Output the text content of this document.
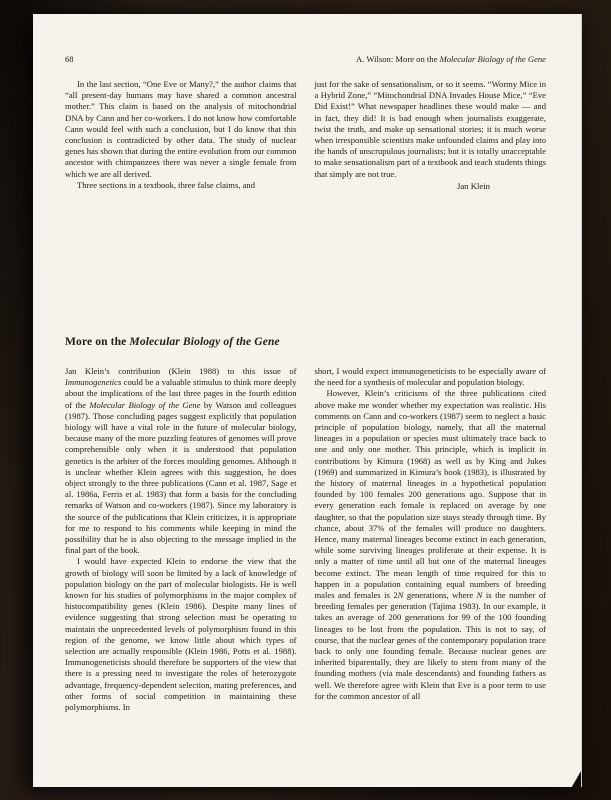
68	A. Wilson: More on the Molecular Biology of the Gene

In the last section, “One Eve or Many?,” the author claims that “all present-day humans may have shared a common ancestral mother.” This claim is based on the analysis of mitochondrial DNA by Cann and her co-workers. I do not know how comfortable Cann would feel with such a conclusion, but I do know that this conclusion is contradicted by other data. The study of nuclear genes has shown that during the entire evolution from our common ancestor with chimpanzees there was never a single female from which we are all derived.

Three sections in a textbook, three false claims, and

just for the sake of sensationalism, or so it seems. “Wormy Mice in a Hybrid Zone,” “Mitochondrial DNA Invades House Mice,” “Eve Did Exist!” What newspaper headlines these would make — and in fact, they did! It is bad enough when journalists exaggerate, twist the truth, and make up sensational stories; it is much worse when irresponsible scientists make unfounded claims and play into the hands of unscrupulous journalists; but it is totally unacceptable to make sensationalism part of a textbook and teach students things that simply are not true.

Jan Klein
More on the Molecular Biology of the Gene

Jan Klein’s contribution (Klein 1988) to this issue of Immunogenetics could be a valuable stimulus to think more deeply about the implications of the last three pages in the fourth edition of the Molecular Biology of the Gene by Watson and colleagues (1987). Those concluding pages suggest explicitly that population biology will have a vital role in the future of molecular biology, because many of the more puzzling features of genomes will prove comprehensible only when it is understood that population genetics is the arbiter of the forces moulding genomes. Although it is unclear whether Klein agrees with this suggestion, he does object strongly to the three publications (Cann et al. 1987, Sage et al. 1986a, Ferris et al. 1983) that form a basis for the concluding remarks of Watson and co-workers (1987). Since my laboratory is the source of the publications that Klein criticizes, it is appropriate for me to respond to his comments while keeping in mind the possibility that he is also objecting to the message implied in the final part of the book.

I would have expected Klein to endorse the view that the growth of biology will soon be limited by a lack of knowledge of population biology on the part of molecular biologists. He is well known for his studies of polymorphisms in the major complex of histocompatibility genes (Klein 1986). Despite many lines of evidence suggesting that strong selection must be operating to maintain the unprecedented levels of polymorphism found in this region of the genome, we know little about which types of selection are actually responsible (Klein 1986, Potts et al. 1988). Immunogeneticists should therefore be supporters of the view that there is a pressing need to investigate the roles of heterozygote advantage, frequency-dependent selection, mating preferences, and other forms of social competition in maintaining these polymorphisms. In

short, I would expect immunogeneticists to be especially aware of the need for a synthesis of molecular and population biology.

However, Klein’s criticisms of the three publications cited above make me wonder whether my expectation was realistic. His comments on Cann and co-workers (1987) seem to neglect a basic principle of population biology, namely, that all the maternal lineages in a population or species must ultimately trace back to one and only one mother. This principle, which is implicit in contributions by Kimura (1968) as well as by King and Jukes (1969) and summarized in Kimura’s book (1983), is illustrated by the history of maternal lineages in a hypothetical population founded by 100 females 200 generations ago. Suppose that in every generation each female is replaced on average by one daughter, so that the population size stays steady through time. By chance, about 37% of the females will produce no daughters. Hence, many maternal lineages become extinct in each generation, while some surviving lineages proliferate at their expense. It is only a matter of time until all but one of the maternal lineages become extinct. The mean length of time required for this to happen in a population containing equal numbers of breeding males and females is 2N generations, where N is the number of breeding females per generation (Tajima 1983). In our example, it takes an average of 200 generations for 99 of the 100 founding lineages to be lost from the population. This is not to say, of course, that the nuclear genes of the contemporary population trace back to only one founding female. Because nuclear genes are inherited biparentally, they are likely to stem from many of the founding mothers (via male descendants) and founding fathers as well. We therefore agree with Klein that Eve is a poor term to use for the common ancestor of all
